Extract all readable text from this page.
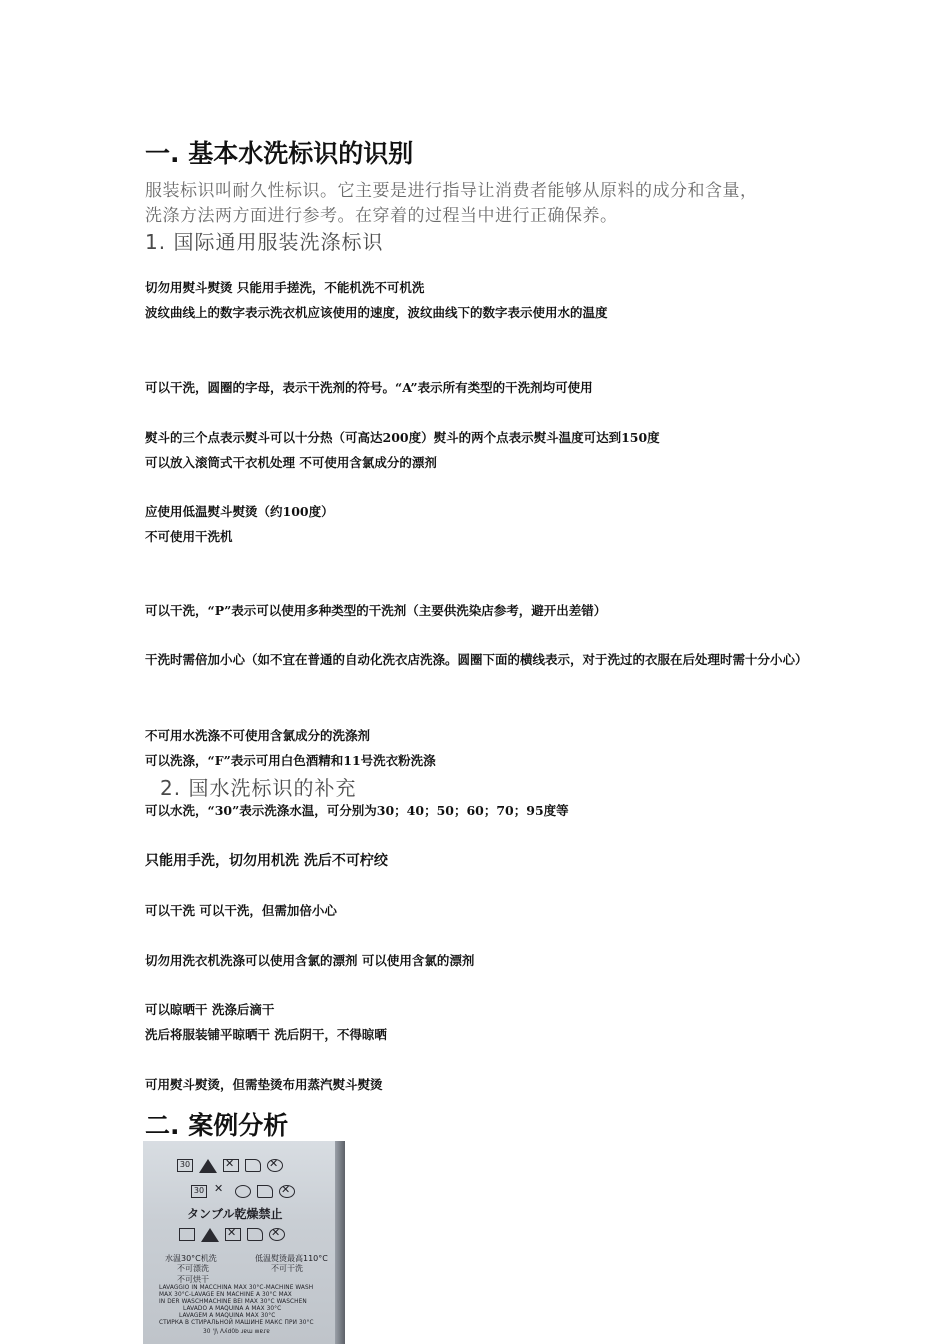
一. 基本水洗标识的识别
服装标识叫耐久性标识。它主要是进行指导让消费者能够从原料的成分和含量，
洗涤方法两方面进行参考。在穿着的过程当中进行正确保养。
1. 国际通用服装洗涤标识
切勿用熨斗熨烫 只能用手搓洗，不能机洗不可机洗
波纹曲线上的数字表示洗衣机应该使用的速度，波纹曲线下的数字表示使用水的温度
可以干洗，圆圈的字母，表示干洗剂的符号。“A”表示所有类型的干洗剂均可使用
熨斗的三个点表示熨斗可以十分热（可高达200度）熨斗的两个点表示熨斗温度可达到150度
可以放入滚筒式干衣机处理 不可使用含氯成分的漂剂
应使用低温熨斗熨烫（约100度）
不可使用干洗机
可以干洗，“P”表示可以使用多种类型的干洗剂（主要供洗染店参考，避开出差错）
干洗时需倍加小心（如不宜在普通的自动化洗衣店洗涤。圆圈下面的横线表示，对于洗过的衣服在后处理时需十分小心）
不可用水洗涤不可使用含氯成分的洗涤剂
可以洗涤，“F”表示可用白色酒精和11号洗衣粉洗涤
2. 国水洗标识的补充
可以水洗，“30”表示洗涤水温，可分别为30；40；50；60；70；95度等
只能用手洗，切勿用机洗 洗后不可柠绞
可以干洗 可以干洗，但需加倍小心
切勿用洗衣机洗涤可以使用含氯的漂剂 可以使用含氯的漂剂
可以晾晒干 洗涤后滴干
洗后将服装铺平晾晒干 洗后阴干，不得晾晒
可用熨斗熨烫，但需垫烫布用蒸汽熨斗熨烫
二. 案例分析
30
✕
✕
30
✕
✕
タンブル乾燥禁止
✕
✕
水温30°C机洗
不可漂洗
不可烘干
低温熨烫最高110°C
不可干洗
LAVAGGIO IN MACCHINA MAX 30°C-MACHINE WASH
MAX 30°C-LAVAGE EN MACHINE A 30°C MAX
IN DER WASCHMACHINE BEI MAX 30°C WASCHEN
LAVADO A MAQUINA A MAX 30°C
LAVAGEM A MAQUINA MAX 30°C
СТИРКА В СТИРАЛЬНОЙ МАШИНЕ МАКС ПРИ 30°C
30 'J\ Ʌʎd0b ɹɐɯ ʍɐɾɐ
